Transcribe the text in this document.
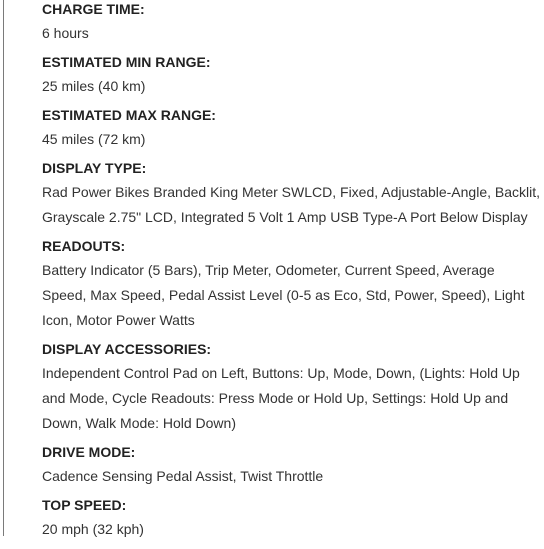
CHARGE TIME:
6 hours
ESTIMATED MIN RANGE:
25 miles (40 km)
ESTIMATED MAX RANGE:
45 miles (72 km)
DISPLAY TYPE:
Rad Power Bikes Branded King Meter SWLCD, Fixed, Adjustable-Angle, Backlit, Grayscale 2.75" LCD, Integrated 5 Volt 1 Amp USB Type-A Port Below Display
READOUTS:
Battery Indicator (5 Bars), Trip Meter, Odometer, Current Speed, Average Speed, Max Speed, Pedal Assist Level (0-5 as Eco, Std, Power, Speed), Light Icon, Motor Power Watts
DISPLAY ACCESSORIES:
Independent Control Pad on Left, Buttons: Up, Mode, Down, (Lights: Hold Up and Mode, Cycle Readouts: Press Mode or Hold Up, Settings: Hold Up and Down, Walk Mode: Hold Down)
DRIVE MODE:
Cadence Sensing Pedal Assist, Twist Throttle
TOP SPEED:
20 mph (32 kph)
